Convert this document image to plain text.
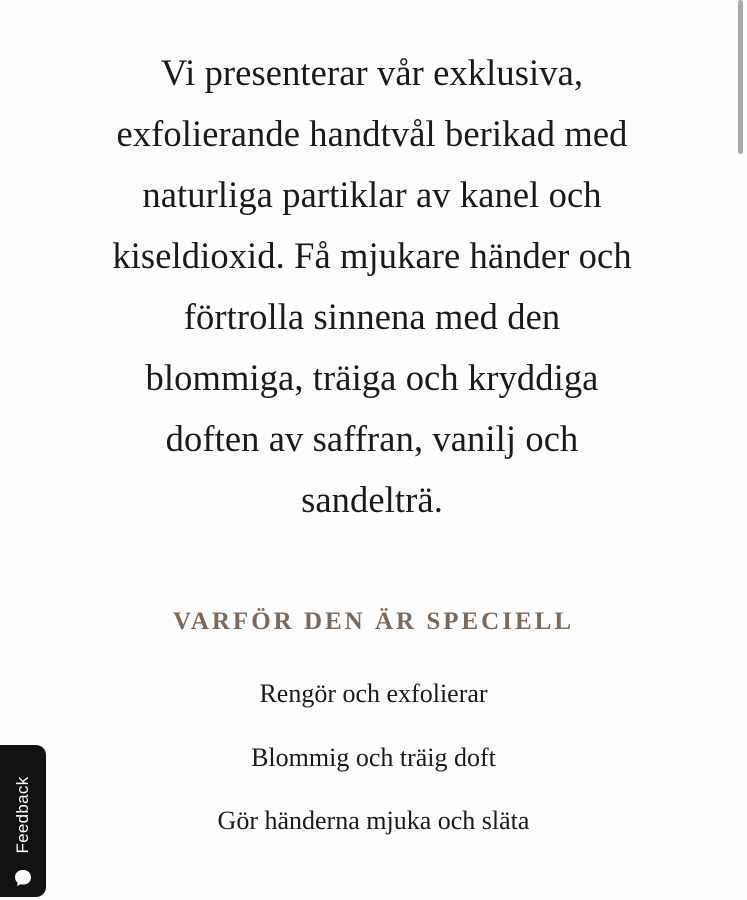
Vi presenterar vår exklusiva,
exfolierande handtvål berikad med
naturliga partiklar av kanel och
kiseldioxid. Få mjukare händer och
förtrolla sinnena med den
blommiga, träiga och kryddiga
doften av saffran, vanilj och
sandelträ.

VARFÖR DEN ÄR SPECIELL
Rengör och exfolierar
Blommig och träig doft
Gör händerna mjuka och släta
Feedback
